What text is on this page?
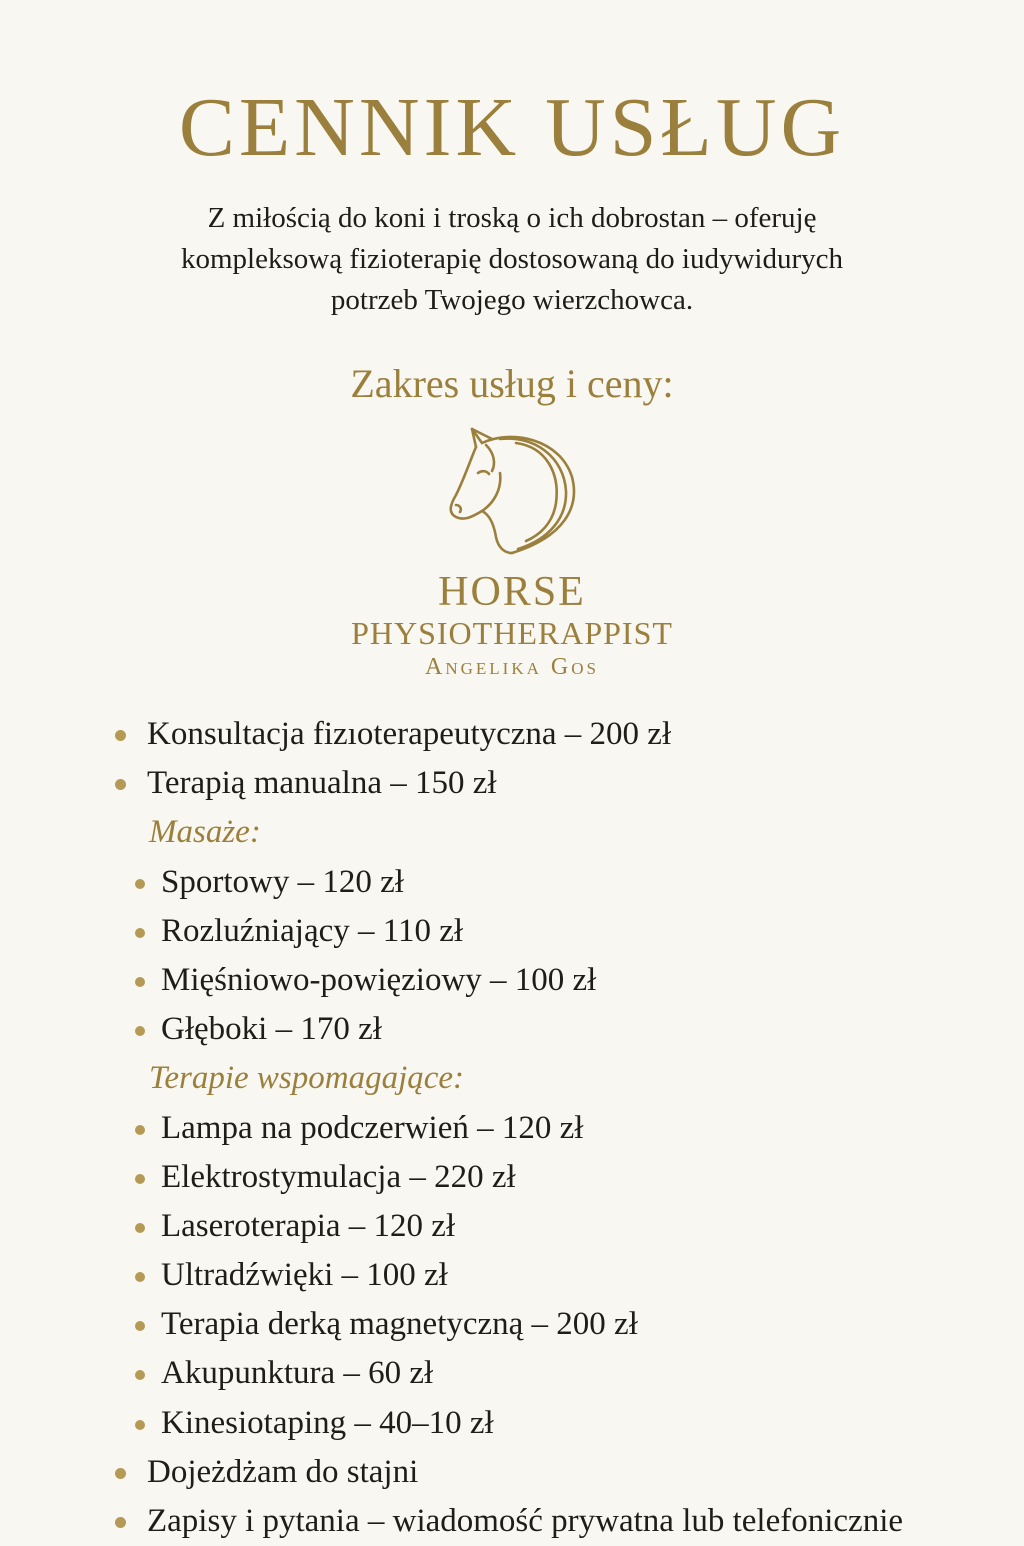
CENNIK USŁUG
Z miłością do koni i troską o ich dobrostan – oferuję
kompleksową fizioterapię dostosowaną do iudywidurych
potrzeb Twojego wierzchowca.
Zakres usług i ceny:
HORSE
PHYSIOTHERAPPIST
Angelika Gos
Konsultacja fizıoterapeutyczna – 200 zł
Terapią manualna – 150 zł
Masaże:
Sportowy – 120 zł
Rozluźniający – 110 zł
Mięśniowo-powięziowy – 100 zł
Głęboki – 170 zł
Terapie wspomagające:
Lampa na podczerwień – 120 zł
Elektrostymulacja – 220 zł
Laseroterapia – 120 zł
Ultradźwięki – 100 zł
Terapia derką magnetyczną – 200 zł
Akupunktura – 60 zł
Kinesiotaping – 40–10 zł
Dojeżdżam do stajni
Zapisy i pytania – wiadomość prywatna lub telefonicznie
